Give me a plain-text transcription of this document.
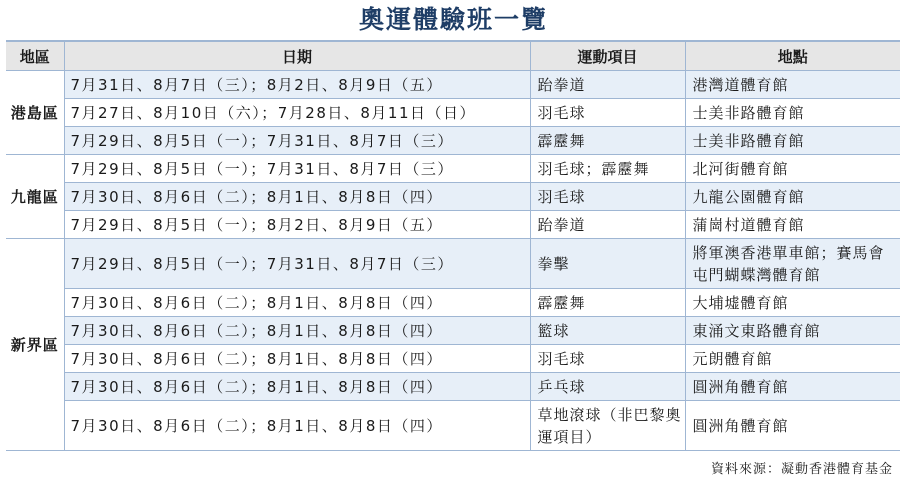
奧運體驗班一覽
地區	日期	運動項目	地點
港島區	7月31日、8月7日（三）；8月2日、8月9日（五）	跆拳道	港灣道體育館
	7月27日、8月10日（六）；7月28日、8月11日（日）	羽毛球	士美非路體育館
	7月29日、8月5日（一）；7月31日、8月7日（三）	霹靂舞	士美非路體育館
九龍區	7月29日、8月5日（一）；7月31日、8月7日（三）	羽毛球；霹靂舞	北河街體育館
	7月30日、8月6日（二）；8月1日、8月8日（四）	羽毛球	九龍公園體育館
	7月29日、8月5日（一）；8月2日、8月9日（五）	跆拳道	蒲崗村道體育館
新界區	7月29日、8月5日（一）；7月31日、8月7日（三）	拳擊	將軍澳香港單車館；賽馬會屯門蝴蝶灣體育館
	7月30日、8月6日（二）；8月1日、8月8日（四）	霹靂舞	大埔墟體育館
	7月30日、8月6日（二）；8月1日、8月8日（四）	籃球	東涌文東路體育館
	7月30日、8月6日（二）；8月1日、8月8日（四）	羽毛球	元朗體育館
	7月30日、8月6日（二）；8月1日、8月8日（四）	乒乓球	圓洲角體育館
	7月30日、8月6日（二）；8月1日、8月8日（四）	草地滾球（非巴黎奧運項目）	圓洲角體育館
資料來源：凝動香港體育基金
